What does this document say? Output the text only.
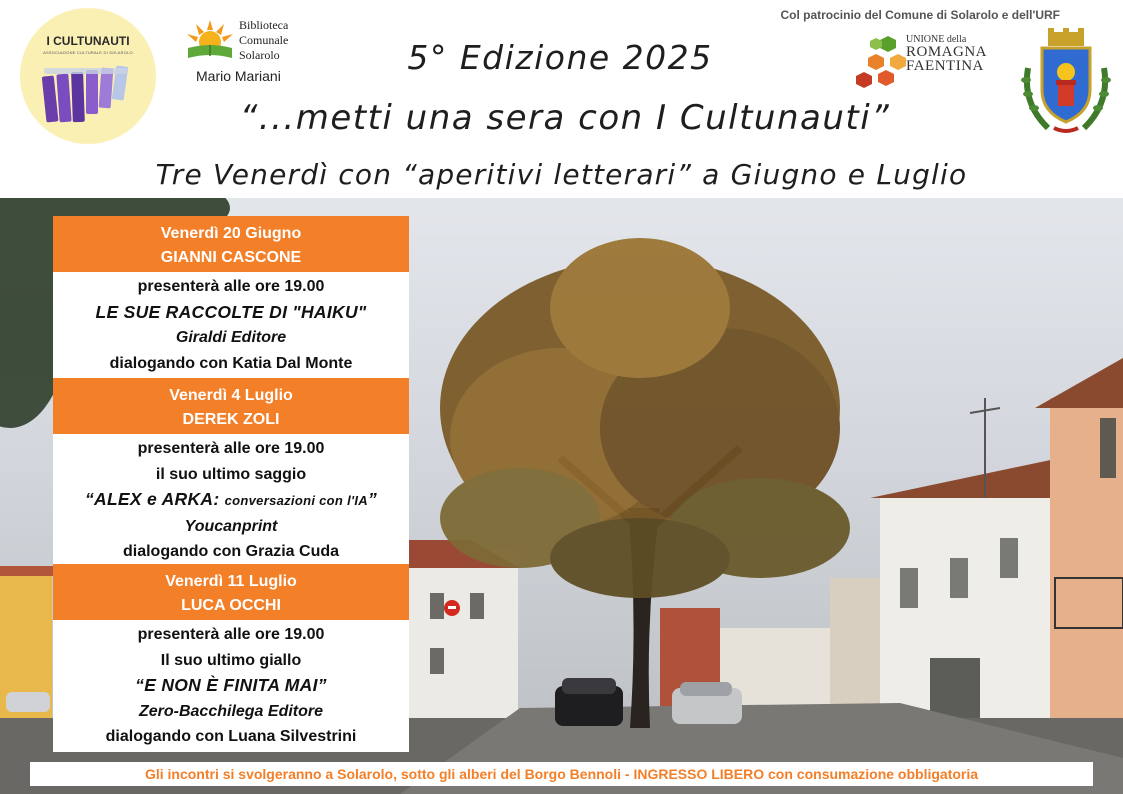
I CULTUNAUTI
ASSOCIAZIONE CULTURALE DI SOLAROLO
Biblioteca
Comunale
Solarolo
Mario Mariani	5° Edizione 2025
“...metti una sera con I Cultunauti”
Tre Venerdì con “aperitivi letterari” a Giugno e Luglio
Col patrocinio del Comune di Solarolo e dell'URF
UNIONE della
ROMAGNA
FAENTINA
Venerdì 20 Giugno
GIANNI CASCONE
presenterà alle ore 19.00
LE SUE RACCOLTE DI "HAIKU"
Giraldi Editore
dialogando con Katia Dal Monte
Venerdì 4 Luglio
DEREK ZOLI
presenterà alle ore 19.00
il suo ultimo saggio
“ALEX e ARKA: conversazioni con l'IA”
Youcanprint
dialogando con Grazia Cuda
Venerdì 11 Luglio
LUCA OCCHI
presenterà alle ore 19.00
Il suo ultimo giallo
“E NON È FINITA MAI”
Zero-Bacchilega Editore
dialogando con Luana Silvestrini
Gli incontri si svolgeranno a Solarolo, sotto gli alberi del Borgo Bennoli - INGRESSO LIBERO con consumazione obbligatoria
